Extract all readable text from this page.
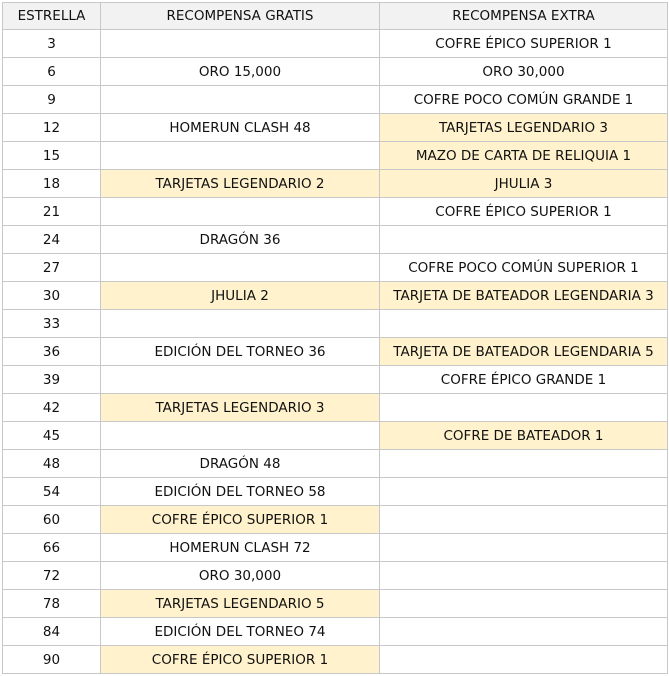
ESTRELLA	RECOMPENSA GRATIS	RECOMPENSA EXTRA
3		COFRE ÉPICO SUPERIOR 1
6	ORO 15,000	ORO 30,000
9		COFRE POCO COMÚN GRANDE 1
12	HOMERUN CLASH 48	TARJETAS LEGENDARIO 3
15		MAZO DE CARTA DE RELIQUIA 1
18	TARJETAS LEGENDARIO 2	JHULIA 3
21		COFRE ÉPICO SUPERIOR 1
24	DRAGÓN 36	
27		COFRE POCO COMÚN SUPERIOR 1
30	JHULIA 2	TARJETA DE BATEADOR LEGENDARIA 3
33		
36	EDICIÓN DEL TORNEO 36	TARJETA DE BATEADOR LEGENDARIA 5
39		COFRE ÉPICO GRANDE 1
42	TARJETAS LEGENDARIO 3	
45		COFRE DE BATEADOR 1
48	DRAGÓN 48	
54	EDICIÓN DEL TORNEO 58	
60	COFRE ÉPICO SUPERIOR 1	
66	HOMERUN CLASH 72	
72	ORO 30,000	
78	TARJETAS LEGENDARIO 5	
84	EDICIÓN DEL TORNEO 74	
90	COFRE ÉPICO SUPERIOR 1	
